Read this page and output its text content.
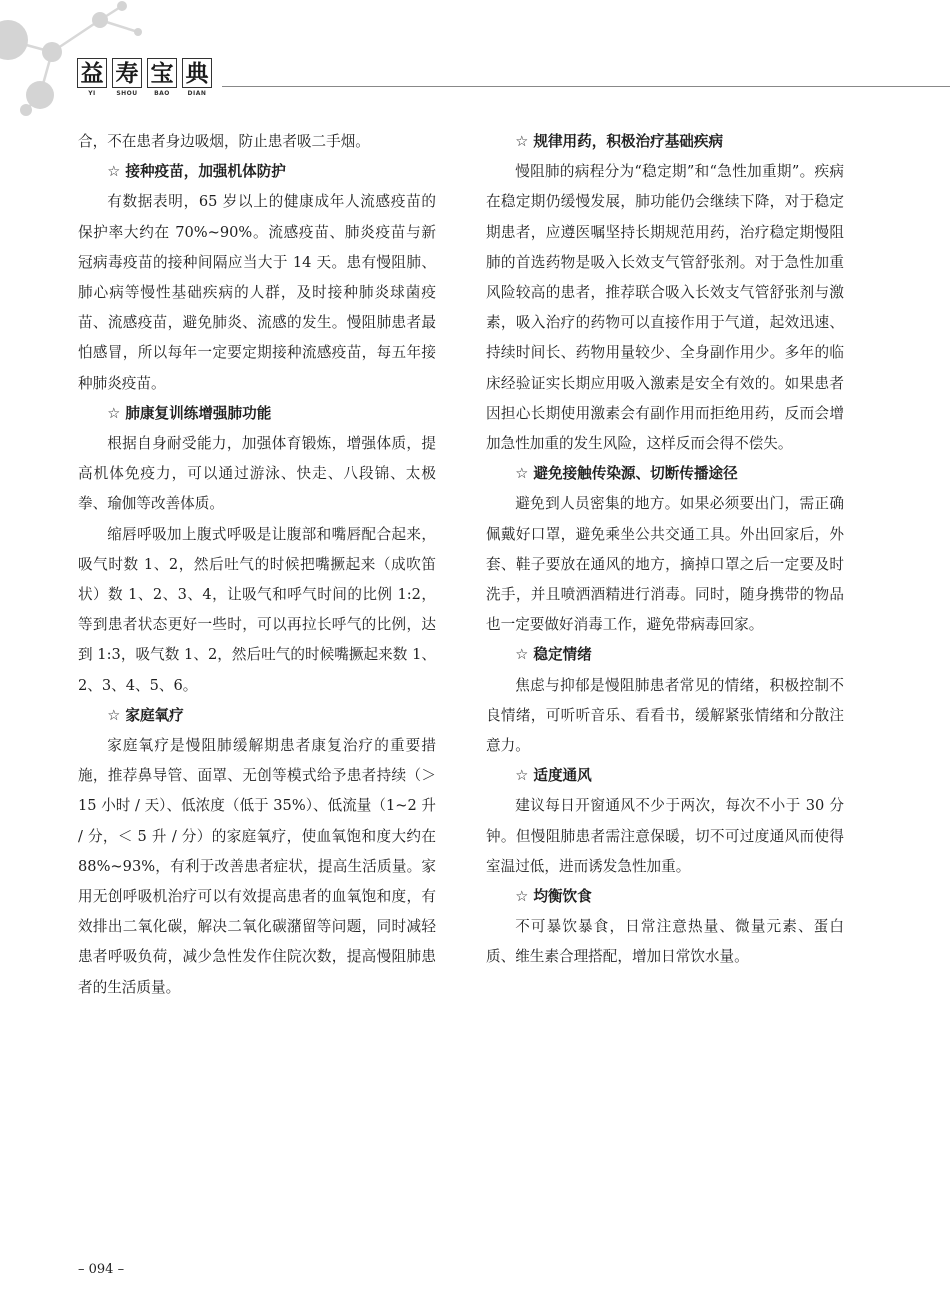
益 寿 宝 典
YI	SHOU	BAO	DIAN

合，不在患者身边吸烟，防止患者吸二手烟。

☆ 接种疫苗，加强机体防护

有数据表明，65 岁以上的健康成年人流感疫苗的保护率大约在 70%~90%。流感疫苗、肺炎疫苗与新冠病毒疫苗的接种间隔应当大于 14 天。患有慢阻肺、肺心病等慢性基础疾病的人群，及时接种肺炎球菌疫苗、流感疫苗，避免肺炎、流感的发生。慢阻肺患者最怕感冒，所以每年一定要定期接种流感疫苗，每五年接种肺炎疫苗。

☆ 肺康复训练增强肺功能

根据自身耐受能力，加强体育锻炼，增强体质，提高机体免疫力，可以通过游泳、快走、八段锦、太极拳、瑜伽等改善体质。

缩唇呼吸加上腹式呼吸是让腹部和嘴唇配合起来，吸气时数 1、2，然后吐气的时候把嘴撅起来（成吹笛状）数 1、2、3、4，让吸气和呼气时间的比例 1:2，等到患者状态更好一些时，可以再拉长呼气的比例，达到 1:3，吸气数 1、2，然后吐气的时候嘴撅起来数 1、2、3、4、5、6。

☆ 家庭氧疗

家庭氧疗是慢阻肺缓解期患者康复治疗的重要措施，推荐鼻导管、面罩、无创等模式给予患者持续（＞ 15 小时 / 天）、低浓度（低于 35%）、低流量（1~2 升 / 分，＜ 5 升 / 分）的家庭氧疗，使血氧饱和度大约在 88%~93%，有利于改善患者症状，提高生活质量。家用无创呼吸机治疗可以有效提高患者的血氧饱和度，有效排出二氧化碳，解决二氧化碳潴留等问题，同时减轻患者呼吸负荷，减少急性发作住院次数，提高慢阻肺患者的生活质量。

☆ 规律用药，积极治疗基础疾病

慢阻肺的病程分为“稳定期”和“急性加重期”。疾病在稳定期仍缓慢发展，肺功能仍会继续下降，对于稳定期患者，应遵医嘱坚持长期规范用药，治疗稳定期慢阻肺的首选药物是吸入长效支气管舒张剂。对于急性加重风险较高的患者，推荐联合吸入长效支气管舒张剂与激素，吸入治疗的药物可以直接作用于气道，起效迅速、持续时间长、药物用量较少、全身副作用少。多年的临床经验证实长期应用吸入激素是安全有效的。如果患者因担心长期使用激素会有副作用而拒绝用药，反而会增加急性加重的发生风险，这样反而会得不偿失。

☆ 避免接触传染源、切断传播途径

避免到人员密集的地方。如果必须要出门，需正确佩戴好口罩，避免乘坐公共交通工具。外出回家后，外套、鞋子要放在通风的地方，摘掉口罩之后一定要及时洗手，并且喷洒酒精进行消毒。同时，随身携带的物品也一定要做好消毒工作，避免带病毒回家。

☆ 稳定情绪

焦虑与抑郁是慢阻肺患者常见的情绪，积极控制不良情绪，可听听音乐、看看书，缓解紧张情绪和分散注意力。

☆ 适度通风

建议每日开窗通风不少于两次，每次不小于 30 分钟。但慢阻肺患者需注意保暖，切不可过度通风而使得室温过低，进而诱发急性加重。

☆ 均衡饮食

不可暴饮暴食，日常注意热量、微量元素、蛋白质、维生素合理搭配，增加日常饮水量。

– 094 –
